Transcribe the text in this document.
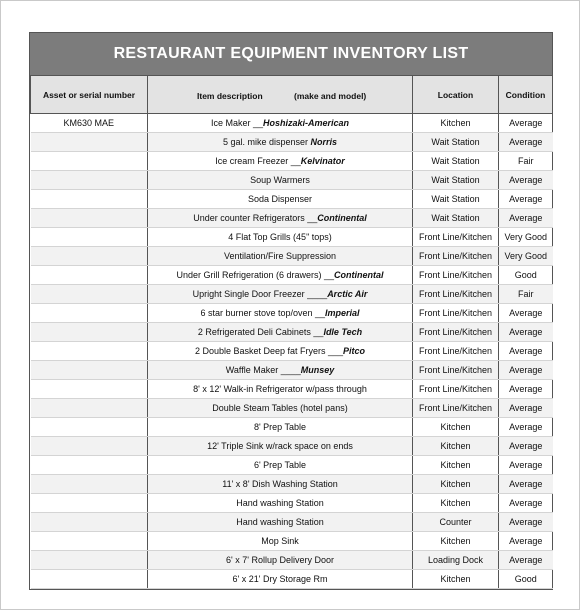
RESTAURANT EQUIPMENT INVENTORY LIST
Asset or serial number	Item description (make and model)	Location	Condition
KM630 MAE	Ice Maker __Hoshizaki-American	Kitchen	Average
	5 gal. mike dispenser Norris	Wait Station	Average
	Ice cream Freezer __Kelvinator	Wait Station	Fair
	Soup Warmers	Wait Station	Average
	Soda Dispenser	Wait Station	Average
	Under counter Refrigerators __Continental	Wait Station	Average
	4 Flat Top Grills (45" tops)	Front Line/Kitchen	Very Good
	Ventilation/Fire Suppression	Front Line/Kitchen	Very Good
	Under Grill Refrigeration (6 drawers) __Continental	Front Line/Kitchen	Good
	Upright Single Door Freezer ____Arctic Air	Front Line/Kitchen	Fair
	6 star burner stove top/oven __Imperial	Front Line/Kitchen	Average
	2 Refrigerated Deli Cabinets __Idle Tech	Front Line/Kitchen	Average
	2 Double Basket Deep fat Fryers ___Pitco	Front Line/Kitchen	Average
	Waffle Maker ____Munsey	Front Line/Kitchen	Average
	8' x 12' Walk-in Refrigerator w/pass through	Front Line/Kitchen	Average
	Double Steam Tables (hotel pans)	Front Line/Kitchen	Average
	8' Prep Table	Kitchen	Average
	12' Triple Sink w/rack space on ends	Kitchen	Average
	6' Prep Table	Kitchen	Average
	11' x 8' Dish Washing Station	Kitchen	Average
	Hand washing Station	Kitchen	Average
	Hand washing Station	Counter	Average
	Mop Sink	Kitchen	Average
	6' x 7' Rollup Delivery Door	Loading Dock	Average
	6' x 21' Dry Storage Rm	Kitchen	Good
